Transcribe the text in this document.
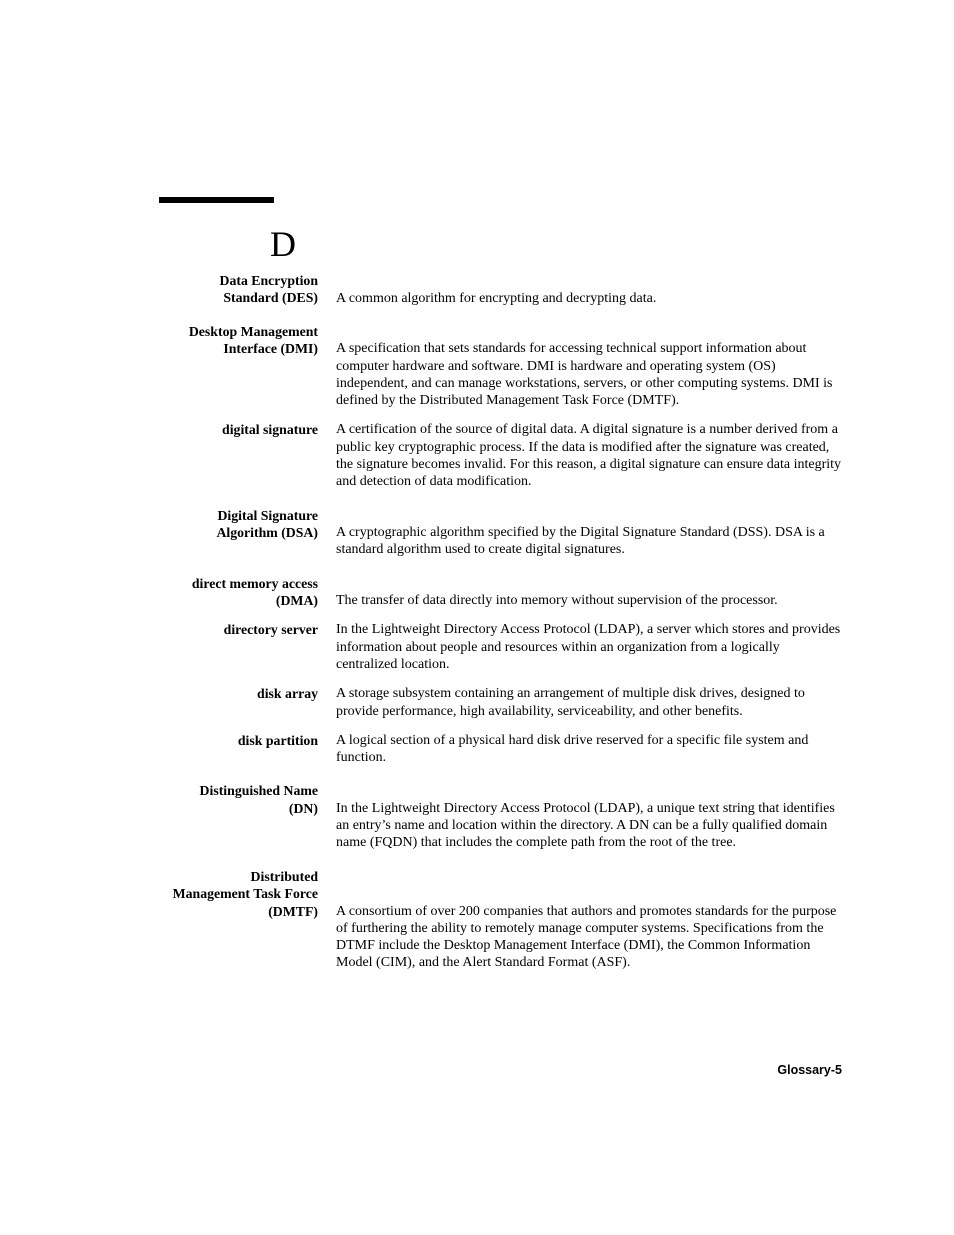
D
Data Encryption
Standard (DES) A common algorithm for encrypting and decrypting data.
Desktop Management
Interface (DMI) A specification that sets standards for accessing technical support information about computer hardware and software. DMI is hardware and operating system (OS) independent, and can manage workstations, servers, or other computing systems. DMI is defined by the Distributed Management Task Force (DMTF).
digital signature A certification of the source of digital data. A digital signature is a number derived from a public key cryptographic process. If the data is modified after the signature was created, the signature becomes invalid. For this reason, a digital signature can ensure data integrity and detection of data modification.
Digital Signature
Algorithm (DSA) A cryptographic algorithm specified by the Digital Signature Standard (DSS). DSA is a standard algorithm used to create digital signatures.
direct memory access
(DMA) The transfer of data directly into memory without supervision of the processor.
directory server In the Lightweight Directory Access Protocol (LDAP), a server which stores and provides information about people and resources within an organization from a logically centralized location.
disk array A storage subsystem containing an arrangement of multiple disk drives, designed to provide performance, high availability, serviceability, and other benefits.
disk partition A logical section of a physical hard disk drive reserved for a specific file system and function.
Distinguished Name
(DN) In the Lightweight Directory Access Protocol (LDAP), a unique text string that identifies an entry’s name and location within the directory. A DN can be a fully qualified domain name (FQDN) that includes the complete path from the root of the tree.
Distributed
Management Task Force
(DMTF) A consortium of over 200 companies that authors and promotes standards for the purpose of furthering the ability to remotely manage computer systems. Specifications from the DTMF include the Desktop Management Interface (DMI), the Common Information Model (CIM), and the Alert Standard Format (ASF).
Glossary-5
